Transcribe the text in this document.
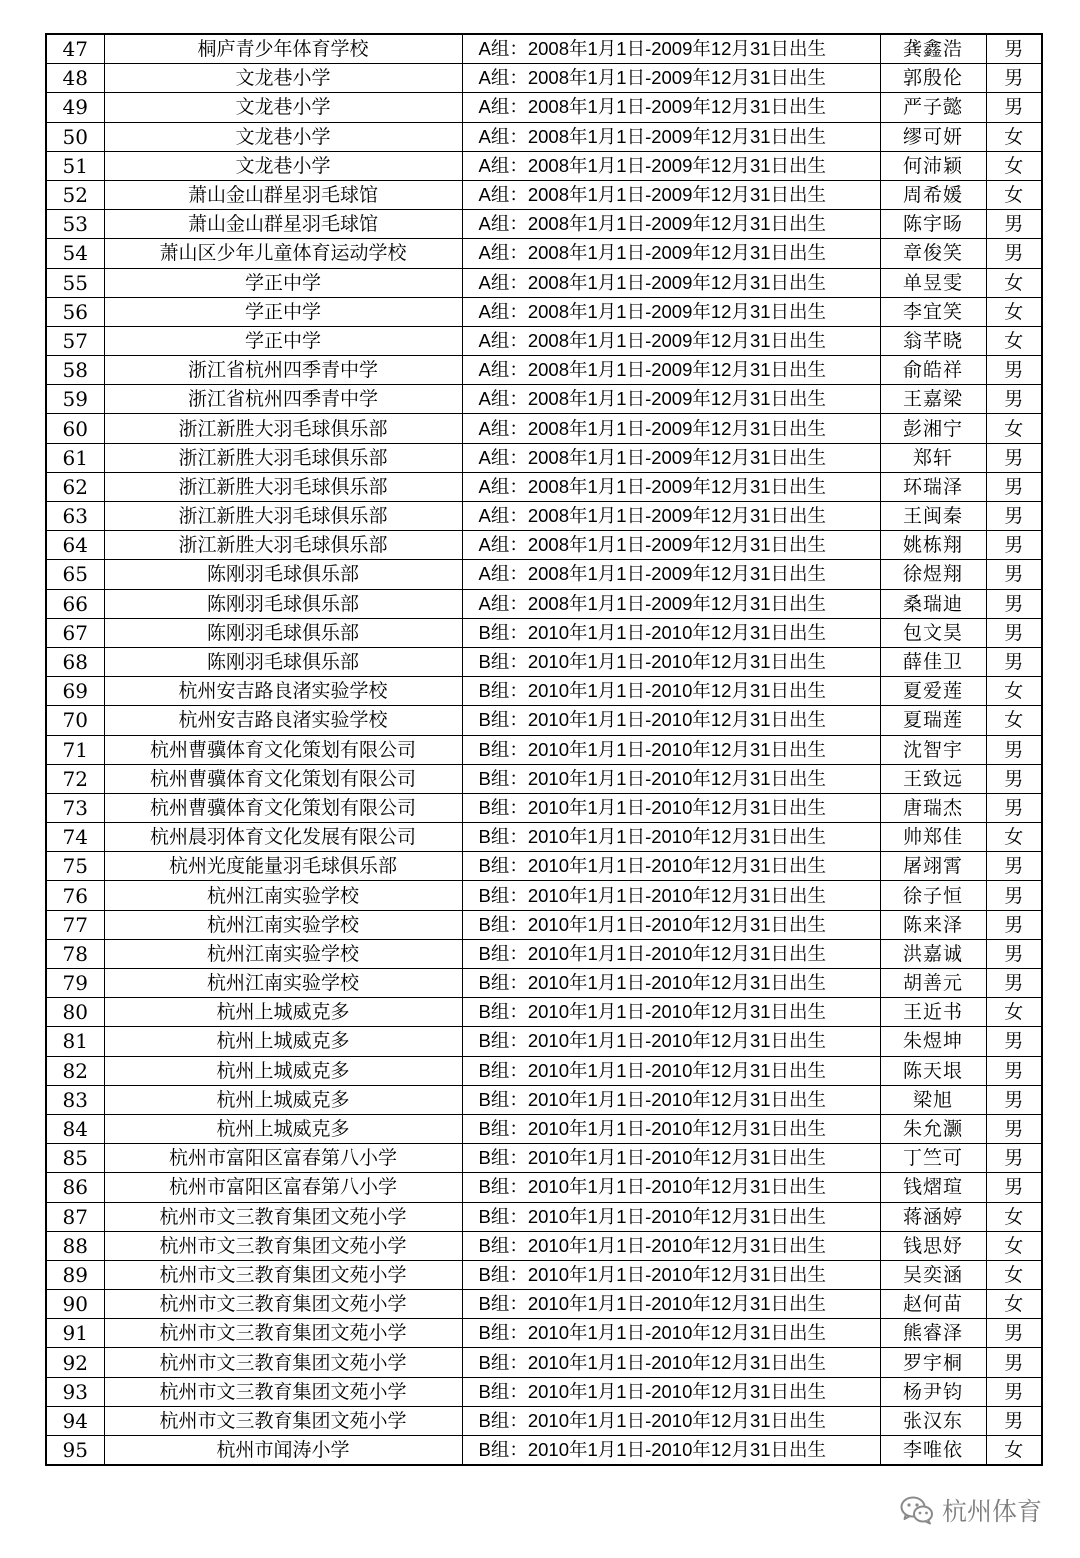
47	桐庐青少年体育学校	A组：2008年1月1日-2009年12月31日出生	龚鑫浩	男
48	文龙巷小学	A组：2008年1月1日-2009年12月31日出生	郭殷伦	男
49	文龙巷小学	A组：2008年1月1日-2009年12月31日出生	严子懿	男
50	文龙巷小学	A组：2008年1月1日-2009年12月31日出生	缪可妍	女
51	文龙巷小学	A组：2008年1月1日-2009年12月31日出生	何沛颖	女
52	萧山金山群星羽毛球馆	A组：2008年1月1日-2009年12月31日出生	周希媛	女
53	萧山金山群星羽毛球馆	A组：2008年1月1日-2009年12月31日出生	陈宇旸	男
54	萧山区少年儿童体育运动学校	A组：2008年1月1日-2009年12月31日出生	章俊笑	男
55	学正中学	A组：2008年1月1日-2009年12月31日出生	单昱雯	女
56	学正中学	A组：2008年1月1日-2009年12月31日出生	李宜笑	女
57	学正中学	A组：2008年1月1日-2009年12月31日出生	翁芊晓	女
58	浙江省杭州四季青中学	A组：2008年1月1日-2009年12月31日出生	俞皓祥	男
59	浙江省杭州四季青中学	A组：2008年1月1日-2009年12月31日出生	王嘉梁	男
60	浙江新胜大羽毛球俱乐部	A组：2008年1月1日-2009年12月31日出生	彭湘宁	女
61	浙江新胜大羽毛球俱乐部	A组：2008年1月1日-2009年12月31日出生	郑轩	男
62	浙江新胜大羽毛球俱乐部	A组：2008年1月1日-2009年12月31日出生	环瑞泽	男
63	浙江新胜大羽毛球俱乐部	A组：2008年1月1日-2009年12月31日出生	王闽秦	男
64	浙江新胜大羽毛球俱乐部	A组：2008年1月1日-2009年12月31日出生	姚栋翔	男
65	陈刚羽毛球俱乐部	A组：2008年1月1日-2009年12月31日出生	徐煜翔	男
66	陈刚羽毛球俱乐部	A组：2008年1月1日-2009年12月31日出生	桑瑞迪	男
67	陈刚羽毛球俱乐部	B组：2010年1月1日-2010年12月31日出生	包文昊	男
68	陈刚羽毛球俱乐部	B组：2010年1月1日-2010年12月31日出生	薛佳卫	男
69	杭州安吉路良渚实验学校	B组：2010年1月1日-2010年12月31日出生	夏爱莲	女
70	杭州安吉路良渚实验学校	B组：2010年1月1日-2010年12月31日出生	夏瑞莲	女
71	杭州曹骥体育文化策划有限公司	B组：2010年1月1日-2010年12月31日出生	沈智宇	男
72	杭州曹骥体育文化策划有限公司	B组：2010年1月1日-2010年12月31日出生	王致远	男
73	杭州曹骥体育文化策划有限公司	B组：2010年1月1日-2010年12月31日出生	唐瑞杰	男
74	杭州晨羽体育文化发展有限公司	B组：2010年1月1日-2010年12月31日出生	帅郑佳	女
75	杭州光度能量羽毛球俱乐部	B组：2010年1月1日-2010年12月31日出生	屠翊霄	男
76	杭州江南实验学校	B组：2010年1月1日-2010年12月31日出生	徐子恒	男
77	杭州江南实验学校	B组：2010年1月1日-2010年12月31日出生	陈来泽	男
78	杭州江南实验学校	B组：2010年1月1日-2010年12月31日出生	洪嘉诚	男
79	杭州江南实验学校	B组：2010年1月1日-2010年12月31日出生	胡善元	男
80	杭州上城威克多	B组：2010年1月1日-2010年12月31日出生	王近书	女
81	杭州上城威克多	B组：2010年1月1日-2010年12月31日出生	朱煜坤	男
82	杭州上城威克多	B组：2010年1月1日-2010年12月31日出生	陈天垠	男
83	杭州上城威克多	B组：2010年1月1日-2010年12月31日出生	梁旭	男
84	杭州上城威克多	B组：2010年1月1日-2010年12月31日出生	朱允灏	男
85	杭州市富阳区富春第八小学	B组：2010年1月1日-2010年12月31日出生	丁竺可	男
86	杭州市富阳区富春第八小学	B组：2010年1月1日-2010年12月31日出生	钱熠瑄	男
87	杭州市文三教育集团文苑小学	B组：2010年1月1日-2010年12月31日出生	蒋涵婷	女
88	杭州市文三教育集团文苑小学	B组：2010年1月1日-2010年12月31日出生	钱思妤	女
89	杭州市文三教育集团文苑小学	B组：2010年1月1日-2010年12月31日出生	吴奕涵	女
90	杭州市文三教育集团文苑小学	B组：2010年1月1日-2010年12月31日出生	赵何苗	女
91	杭州市文三教育集团文苑小学	B组：2010年1月1日-2010年12月31日出生	熊睿泽	男
92	杭州市文三教育集团文苑小学	B组：2010年1月1日-2010年12月31日出生	罗宇桐	男
93	杭州市文三教育集团文苑小学	B组：2010年1月1日-2010年12月31日出生	杨尹钧	男
94	杭州市文三教育集团文苑小学	B组：2010年1月1日-2010年12月31日出生	张汉东	男
95	杭州市闻涛小学	B组：2010年1月1日-2010年12月31日出生	李唯依	女
杭州体育
